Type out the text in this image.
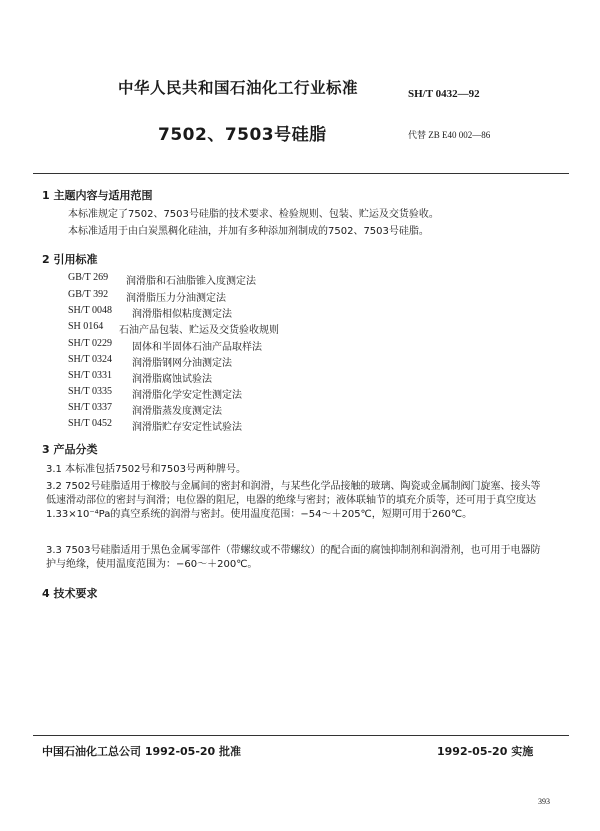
中华人民共和国石油化工行业标准	SH/T 0432—92
7502、7503号硅脂	代替 ZB E40 002—86
1 主题内容与适用范围
本标准规定了7502、7503号硅脂的技术要求、检验规则、包装、贮运及交货验收。
本标准适用于由白炭黑稠化硅油，并加有多种添加剂制成的7502、7503号硅脂。
2 引用标准
GB/T 269 润滑脂和石油脂锥入度测定法
GB/T 392 润滑脂压力分油测定法
SH/T 0048 润滑脂相似粘度测定法
SH 0164 石油产品包装、贮运及交货验收规则
SH/T 0229 固体和半固体石油产品取样法
SH/T 0324 润滑脂钢网分油测定法
SH/T 0331 润滑脂腐蚀试验法
SH/T 0335 润滑脂化学安定性测定法
SH/T 0337 润滑脂蒸发度测定法
SH/T 0452 润滑脂贮存安定性试验法
3 产品分类
3.1 本标准包括7502号和7503号两种牌号。
3.2 7502号硅脂适用于橡胶与金属间的密封和润滑，与某些化学品接触的玻璃、陶瓷或金属制阀门旋塞、接头等低速滑动部位的密封与润滑；电位器的阻尼，电器的绝缘与密封；液体联轴节的填充介质等，还可用于真空度达1.33×10⁻⁴Pa的真空系统的润滑与密封。使用温度范围：−54～＋205℃，短期可用于260℃。
3.3 7503号硅脂适用于黑色金属零部件（带螺纹或不带螺纹）的配合面的腐蚀抑制剂和润滑剂，也可用于电器防护与绝缘，使用温度范围为：−60～＋200℃。
4 技术要求
中国石油化工总公司 1992-05-20 批准	1992-05-20 实施
393
